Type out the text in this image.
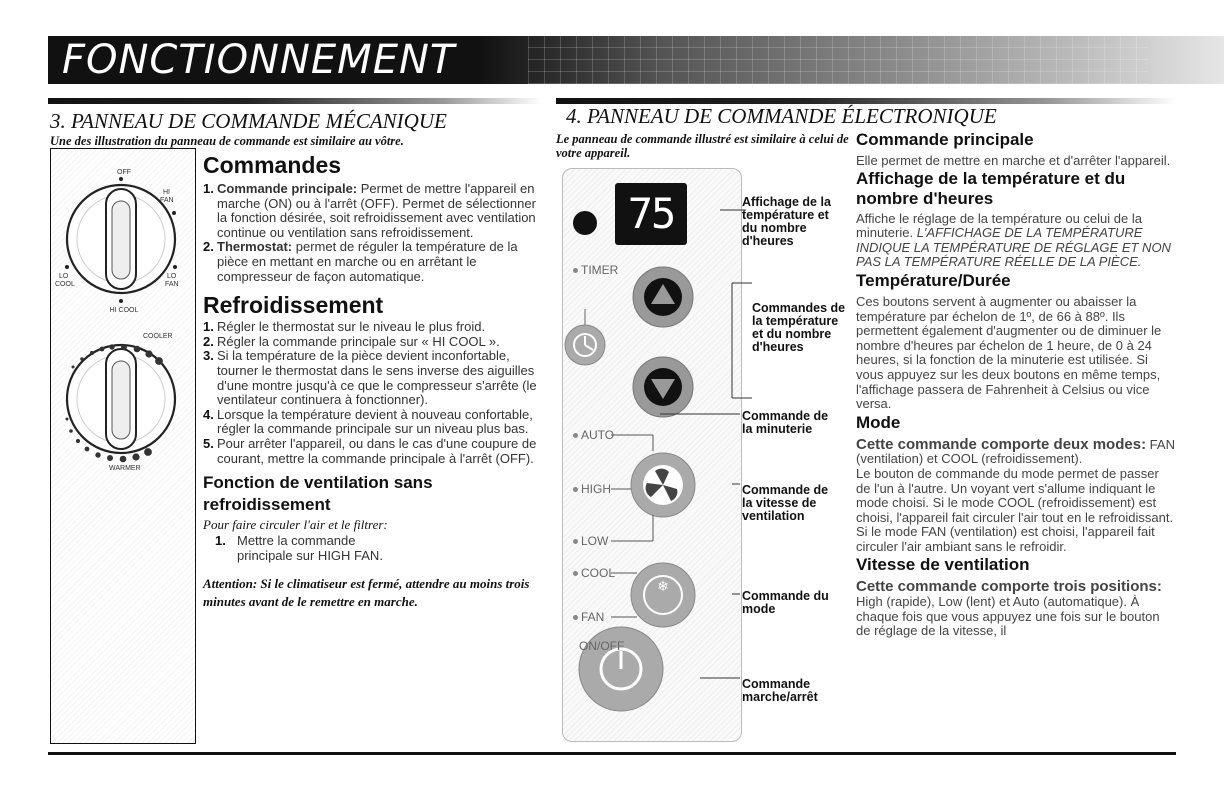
FONCTIONNEMENT
3. PANNEAU DE COMMANDE MÉCANIQUE
Une des illustration du panneau de commande est similaire au vôtre.
OFF
HI
FAN
LO
COOL
LO
FAN
HI COOL
COOLER
WARMER
Commandes
1. Commande principale: Permet de mettre l'appareil en marche (ON) ou à l'arrêt (OFF). Permet de sélectionner la fonction désirée, soit refroidissement avec ventilation continue ou ventilation sans refroidissement.
2. Thermostat: permet de réguler la température de la pièce en mettant en marche ou en arrêtant le compresseur de façon automatique.
Refroidissement
1. Régler le thermostat sur le niveau le plus froid.
2. Régler la commande principale sur « HI COOL ».
3. Si la température de la pièce devient inconfortable, tourner le thermostat dans le sens inverse des aiguilles d'une montre jusqu'à ce que le compresseur s'arrête (le ventilateur continuera à fonctionner).
4. Lorsque la température devient à nouveau confortable, régler la commande principale sur un niveau plus bas.
5. Pour arrêter l'appareil, ou dans le cas d'une coupure de courant, mettre la commande principale à l'arrêt (OFF).
Fonction de ventilation sans
refroidissement
Pour faire circuler l'air et le filtrer:
1. Mettre la commande principale sur HIGH FAN.
Attention: Si le climatiseur est fermé, attendre au moins trois minutes avant de le remettre en marche.
4. PANNEAU DE COMMANDE ÉLECTRONIQUE
Le panneau de commande illustré est similaire à celui de votre appareil.
❄
75
TIMER
AUTO
HIGH
LOW
COOL
FAN
ON/OFF
Affichage de la température et du nombre d'heures
Commandes de la température et du nombre d'heures
Commande de la minuterie
Commande de la vitesse de ventilation
Commande du mode
Commande marche/arrêt
Commande principale
Elle permet de mettre en marche et d'arrêter l'appareil.
Affichage de la température et du nombre d'heures
Affiche le réglage de la température ou celui de la minuterie. L'AFFICHAGE DE LA TEMPÉRATURE INDIQUE LA TEMPÉRATURE DE RÉGLAGE ET NON PAS LA TEMPÉRATURE RÉELLE DE LA PIÈCE.
Température/Durée
Ces boutons servent à augmenter ou abaisser la température par échelon de 1º, de 66 à 88º. Ils permettent également d'augmenter ou de diminuer le nombre d'heures par échelon de 1 heure, de 0 à 24 heures, si la fonction de la minuterie est utilisée. Si vous appuyez sur les deux boutons en même temps, l'affichage passera de Fahrenheit à Celsius ou vice versa.
Mode
Cette commande comporte deux modes: FAN (ventilation) et COOL (refroidissement).
Le bouton de commande du mode permet de passer de l'un à l'autre. Un voyant vert s'allume indiquant le mode choisi. Si le mode COOL (refroidissement) est choisi, l'appareil fait circuler l'air tout en le refroidissant. Si le mode FAN (ventilation) est choisi, l'appareil fait circuler l'air ambiant sans le refroidir.
Vitesse de ventilation
Cette commande comporte trois positions: High (rapide), Low (lent) et Auto (automatique). À chaque fois que vous appuyez une fois sur le bouton de réglage de la vitesse, il
